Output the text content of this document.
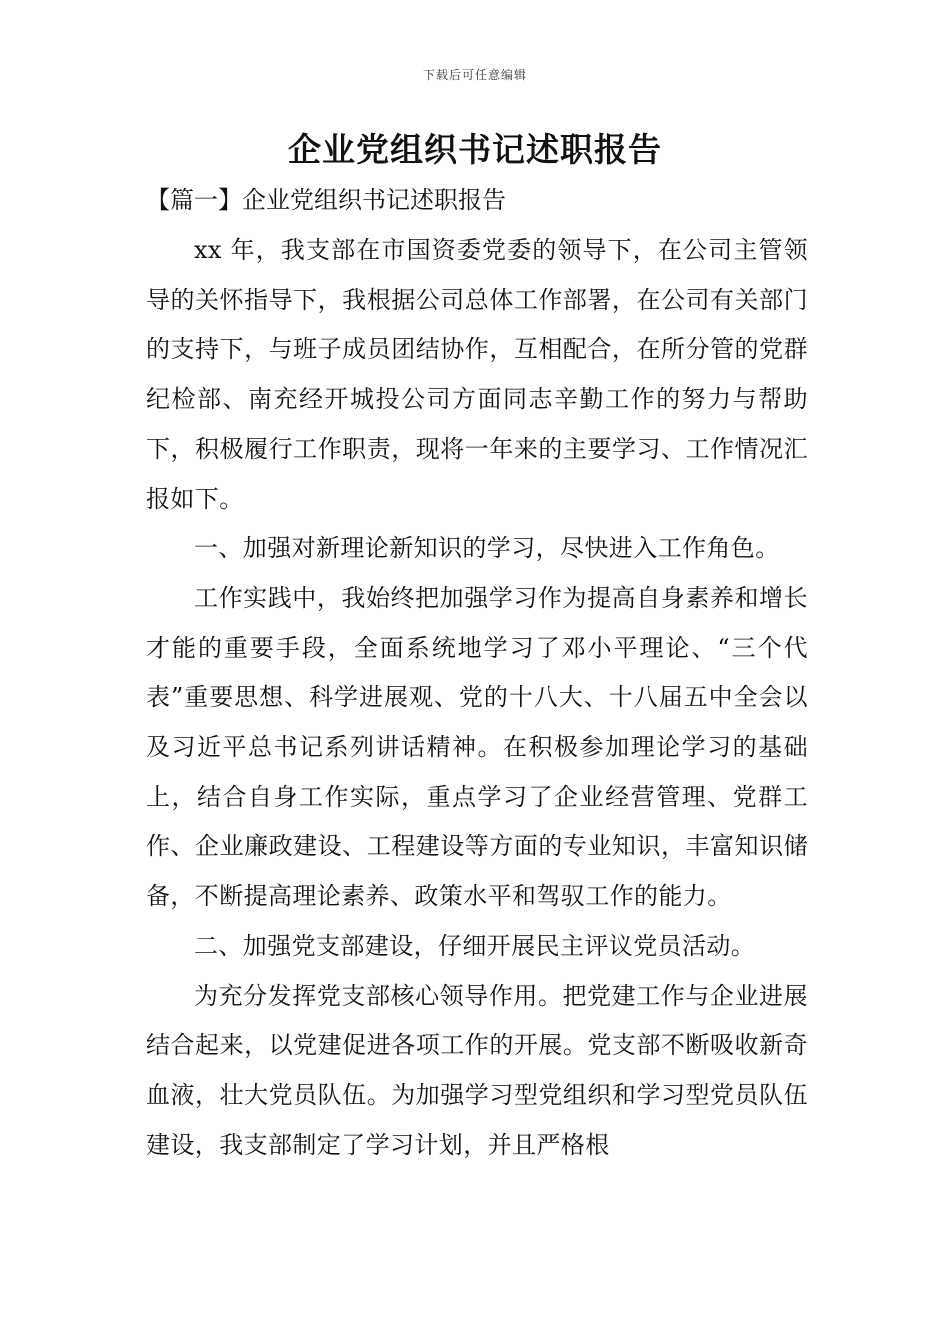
下载后可任意编辑
企业党组织书记述职报告

【篇一】企业党组织书记述职报告

xx 年，我支部在市国资委党委的领导下，在公司主管领导的关怀指导下，我根据公司总体工作部署，在公司有关部门的支持下，与班子成员团结协作，互相配合，在所分管的党群纪检部、南充经开城投公司方面同志辛勤工作的努力与帮助下，积极履行工作职责，现将一年来的主要学习、工作情况汇报如下。

一、加强对新理论新知识的学习，尽快进入工作角色。

工作实践中，我始终把加强学习作为提高自身素养和增长才能的重要手段，全面系统地学习了邓小平理论、“三个代表”重要思想、科学进展观、党的十八大、十八届五中全会以及习近平总书记系列讲话精神。在积极参加理论学习的基础上，结合自身工作实际，重点学习了企业经营管理、党群工作、企业廉政建设、工程建设等方面的专业知识，丰富知识储备，不断提高理论素养、政策水平和驾驭工作的能力。

二、加强党支部建设，仔细开展民主评议党员活动。

为充分发挥党支部核心领导作用。把党建工作与企业进展结合起来，以党建促进各项工作的开展。党支部不断吸收新奇血液，壮大党员队伍。为加强学习型党组织和学习型党员队伍建设，我支部制定了学习计划，并且严格根
